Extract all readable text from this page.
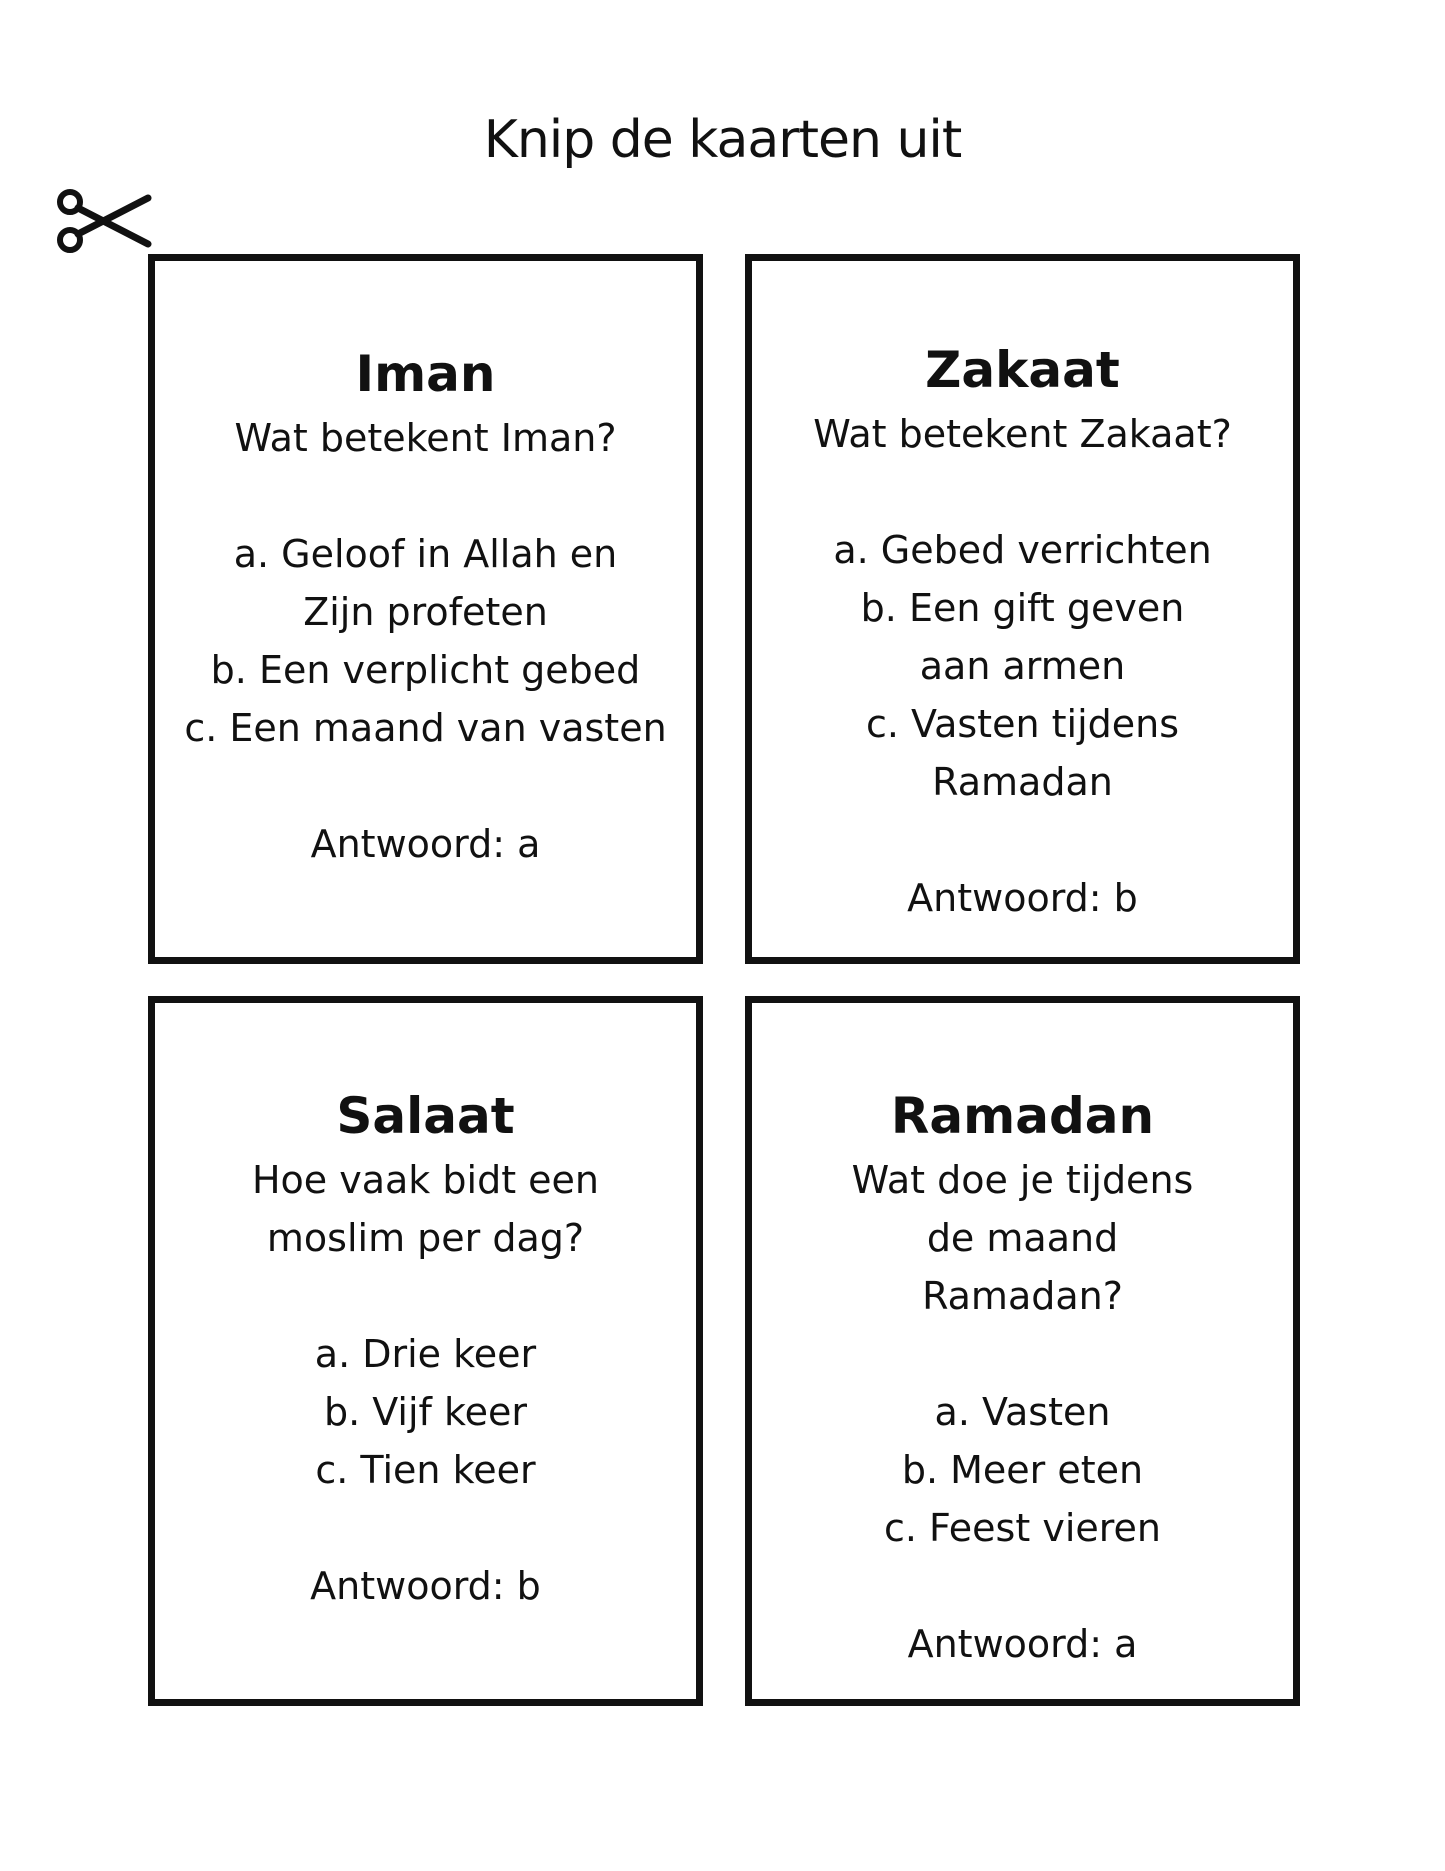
Knip de kaarten uit
Iman
Wat betekent Iman?
a. Geloof in Allah en Zijn profeten
b. Een verplicht gebed
c. Een maand van vasten
Antwoord: a
Zakaat
Wat betekent Zakaat?
a. Gebed verrichten
b. Een gift geven aan armen
c. Vasten tijdens Ramadan
Antwoord: b
Salaat
Hoe vaak bidt een moslim per dag?
a. Drie keer
b. Vijf keer
c. Tien keer
Antwoord: b
Ramadan
Wat doe je tijdens de maand Ramadan?
a. Vasten
b. Meer eten
c. Feest vieren
Antwoord: a
